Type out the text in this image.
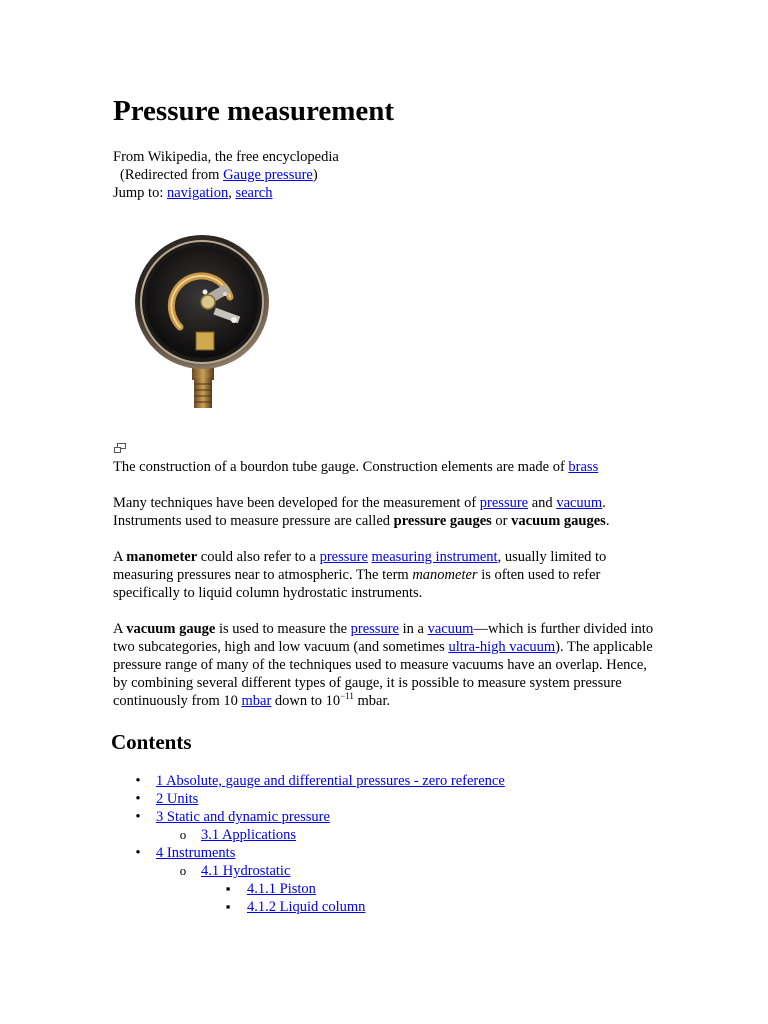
Pressure measurement
From Wikipedia, the free encyclopedia
(Redirected from Gauge pressure)
Jump to: navigation, search
The construction of a bourdon tube gauge. Construction elements are made of brass

Many techniques have been developed for the measurement of pressure and vacuum. Instruments used to measure pressure are called pressure gauges or vacuum gauges.

A manometer could also refer to a pressure measuring instrument, usually limited to measuring pressures near to atmospheric. The term manometer is often used to refer specifically to liquid column hydrostatic instruments.

A vacuum gauge is used to measure the pressure in a vacuum—which is further divided into two subcategories, high and low vacuum (and sometimes ultra-high vacuum). The applicable pressure range of many of the techniques used to measure vacuums have an overlap. Hence, by combining several different types of gauge, it is possible to measure system pressure continuously from 10 mbar down to $10^{-11}$ mbar.

Contents
•
1 Absolute, gauge and differential pressures - zero reference
•
2 Units
•
3 Static and dynamic pressure
o
3.1 Applications
•
4 Instruments
o
4.1 Hydrostatic
▪
4.1.1 Piston
▪
4.1.2 Liquid column
